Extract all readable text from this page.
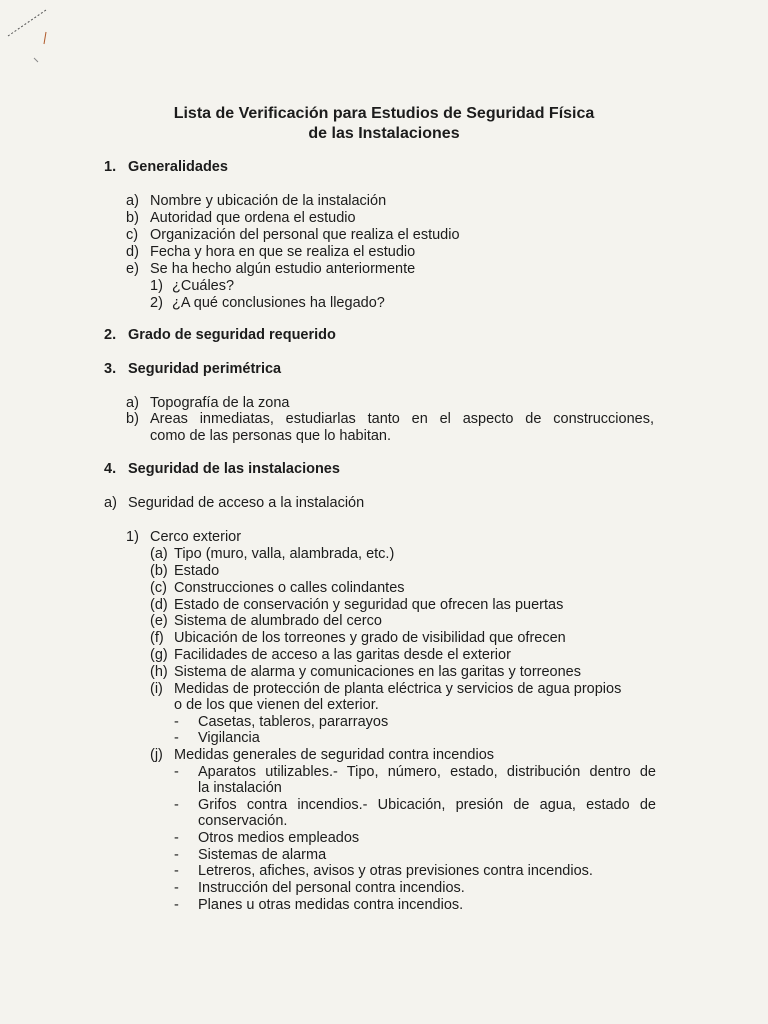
Lista de Verificación para Estudios de Seguridad Física
de las Instalaciones
1. Generalidades
a) Nombre y ubicación de la instalación
b) Autoridad que ordena el estudio
c) Organización del personal que realiza el estudio
d) Fecha y hora en que se realiza el estudio
e) Se ha hecho algún estudio anteriormente
1) ¿Cuáles?
2) ¿A qué conclusiones ha llegado?
2. Grado de seguridad requerido
3. Seguridad perimétrica
a) Topografía de la zona
b) Areas inmediatas, estudiarlas tanto en el aspecto de construcciones,
como de las personas que lo habitan.
4. Seguridad de las instalaciones
a) Seguridad de acceso a la instalación
1) Cerco exterior
(a) Tipo (muro, valla, alambrada, etc.)
(b) Estado
(c) Construcciones o calles colindantes
(d) Estado de conservación y seguridad que ofrecen las puertas
(e) Sistema de alumbrado del cerco
(f) Ubicación de los torreones y grado de visibilidad que ofrecen
(g) Facilidades de acceso a las garitas desde el exterior
(h) Sistema de alarma y comunicaciones en las garitas y torreones
(i) Medidas de protección de planta eléctrica y servicios de agua propios
o de los que vienen del exterior.
- Casetas, tableros, pararrayos
- Vigilancia
(j) Medidas generales de seguridad contra incendios
- Aparatos utilizables.- Tipo, número, estado, distribución dentro de
la instalación
- Grifos contra incendios.- Ubicación, presión de agua, estado de
conservación.
- Otros medios empleados
- Sistemas de alarma
- Letreros, afiches, avisos y otras previsiones contra incendios.
- Instrucción del personal contra incendios.
- Planes u otras medidas contra incendios.
